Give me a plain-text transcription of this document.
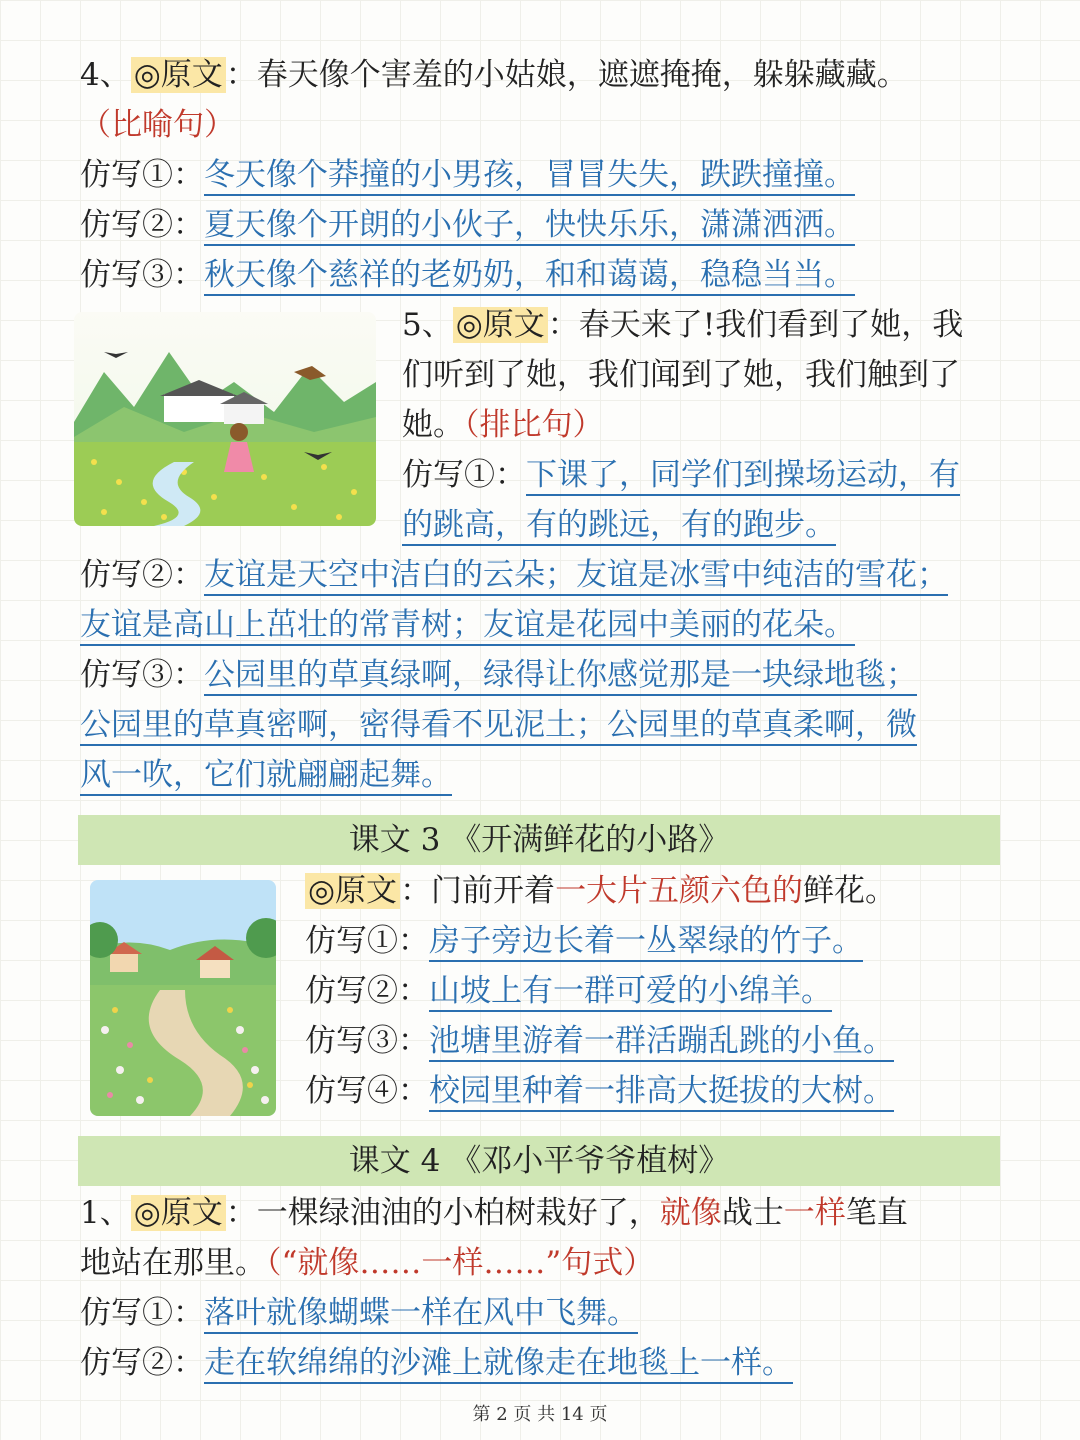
4、◎原文：春天像个害羞的小姑娘，遮遮掩掩，躲躲藏藏。
（比喻句）
仿写①：冬天像个莽撞的小男孩，冒冒失失，跌跌撞撞。
仿写②：夏天像个开朗的小伙子，快快乐乐，潇潇洒洒。
仿写③：秋天像个慈祥的老奶奶，和和蔼蔼，稳稳当当。
5、◎原文：春天来了!我们看到了她，我
们听到了她，我们闻到了她，我们触到了
她。（排比句）
仿写①：下课了，同学们到操场运动，有
的跳高，有的跳远，有的跑步。
仿写②：友谊是天空中洁白的云朵；友谊是冰雪中纯洁的雪花；
友谊是高山上茁壮的常青树；友谊是花园中美丽的花朵。
仿写③：公园里的草真绿啊，绿得让你感觉那是一块绿地毯；
公园里的草真密啊，密得看不见泥土；公园里的草真柔啊，微
风一吹，它们就翩翩起舞。
课文 3 《开满鲜花的小路》
◎原文：门前开着一大片五颜六色的鲜花。
仿写①：房子旁边长着一丛翠绿的竹子。
仿写②：山坡上有一群可爱的小绵羊。
仿写③：池塘里游着一群活蹦乱跳的小鱼。
仿写④：校园里种着一排高大挺拔的大树。
课文 4 《邓小平爷爷植树》
1、◎原文：一棵绿油油的小柏树栽好了，就像战士一样笔直
地站在那里。（“就像……一样……”句式）
仿写①：落叶就像蝴蝶一样在风中飞舞。
仿写②：走在软绵绵的沙滩上就像走在地毯上一样。
第 2 页 共 14 页
